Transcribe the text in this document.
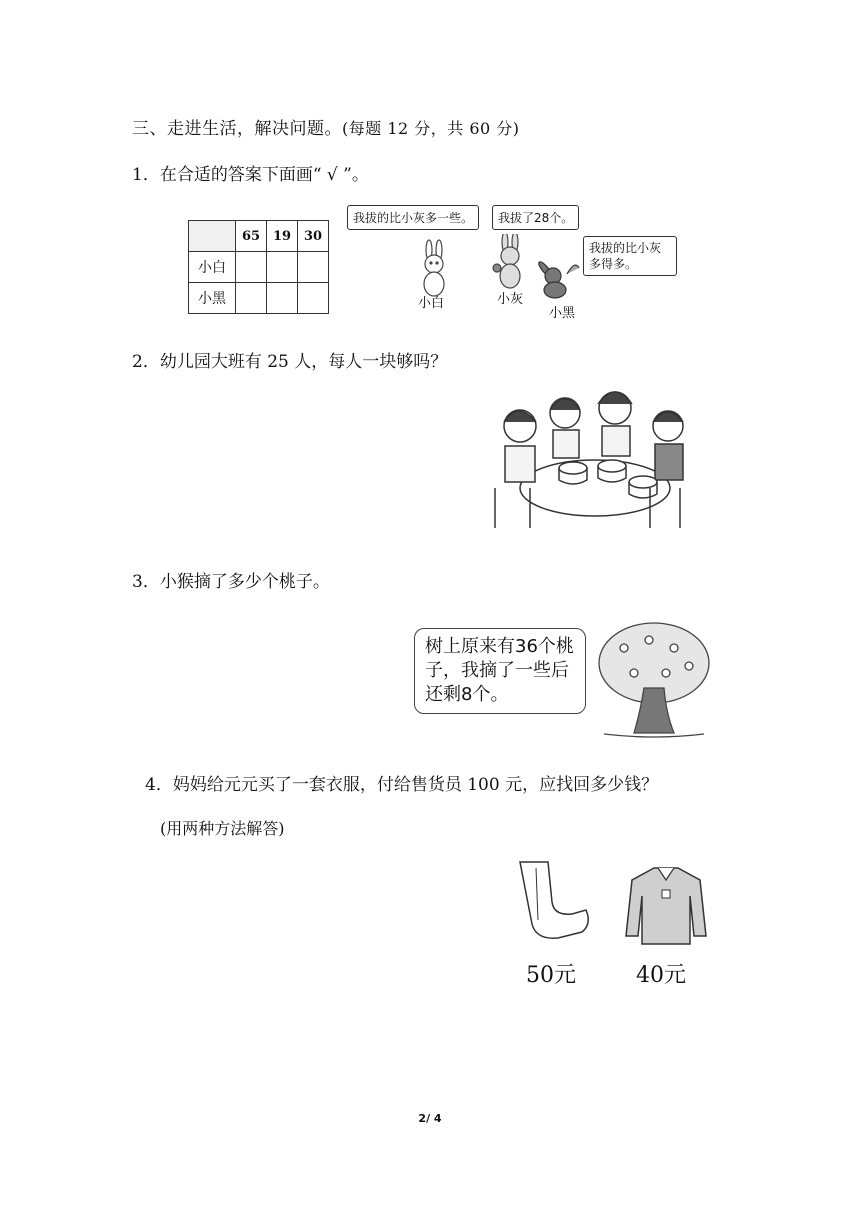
三、走进生活，解决问题。(每题 12 分，共 60 分)
1．在合适的答案下面画“ √ ”。
	65	19	30
小白			
小黑			
我拔的比小灰多一些。	我拔了28个。
我拔的比小灰多得多。
小白	小灰
小黑
2．幼儿园大班有 25 人，每人一块够吗？
3．小猴摘了多少个桃子。
树上原来有36个桃子，我摘了一些后还剩8个。
4．妈妈给元元买了一套衣服，付给售货员 100 元，应找回多少钱？
(用两种方法解答)
50元	40元
2/ 4
